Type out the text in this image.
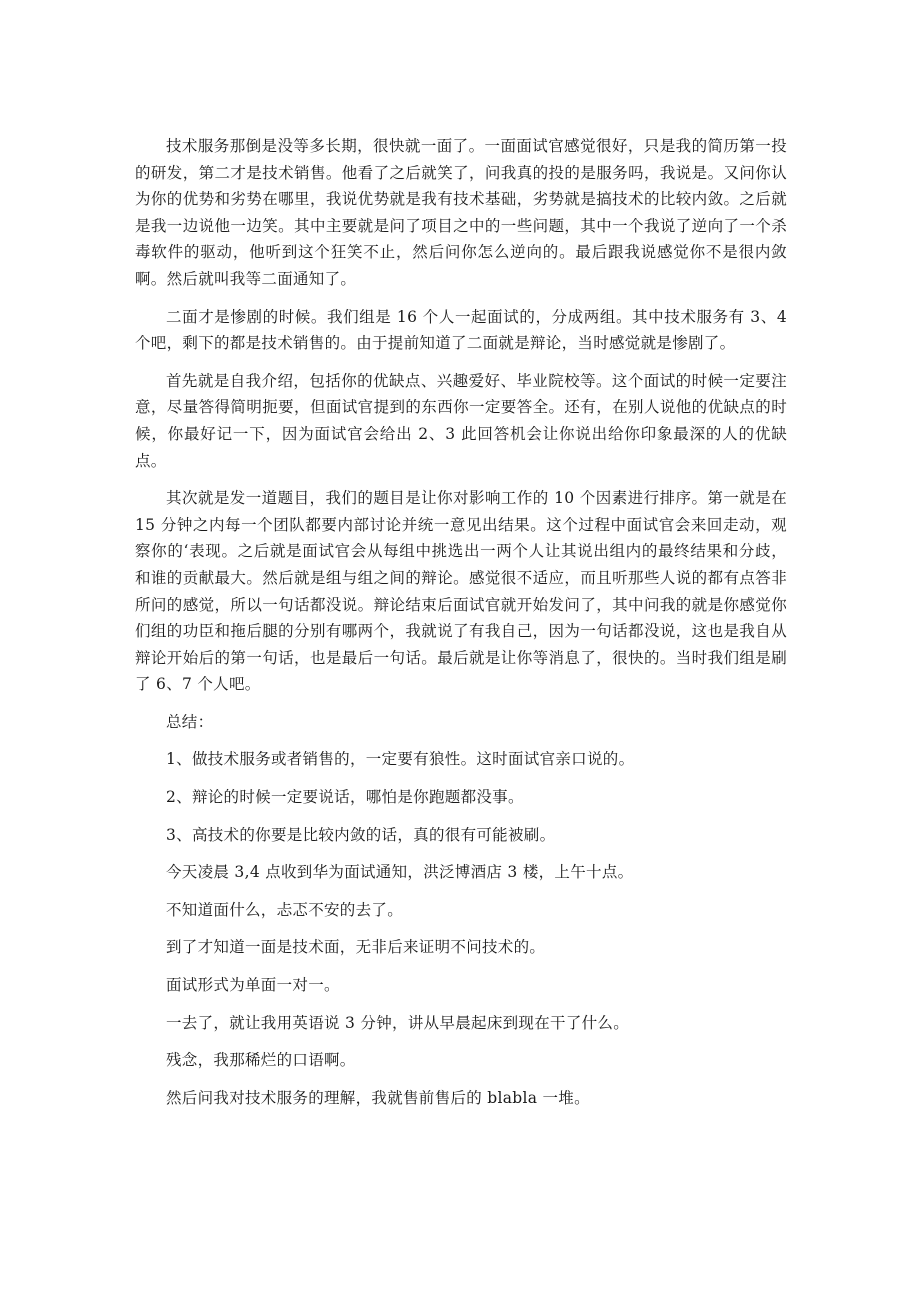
技术服务那倒是没等多长期，很快就一面了。一面面试官感觉很好，只是我的简历第一投的研发，第二才是技术销售。他看了之后就笑了，问我真的投的是服务吗，我说是。又问你认为你的优势和劣势在哪里，我说优势就是我有技术基础，劣势就是搞技术的比较内敛。之后就是我一边说他一边笑。其中主要就是问了项目之中的一些问题，其中一个我说了逆向了一个杀毒软件的驱动，他听到这个狂笑不止，然后问你怎么逆向的。最后跟我说感觉你不是很内敛啊。然后就叫我等二面通知了。

二面才是惨剧的时候。我们组是 16 个人一起面试的，分成两组。其中技术服务有 3、4 个吧，剩下的都是技术销售的。由于提前知道了二面就是辩论，当时感觉就是惨剧了。

首先就是自我介绍，包括你的优缺点、兴趣爱好、毕业院校等。这个面试的时候一定要注意，尽量答得简明扼要，但面试官提到的东西你一定要答全。还有，在别人说他的优缺点的时候，你最好记一下，因为面试官会给出 2、3 此回答机会让你说出给你印象最深的人的优缺点。

其次就是发一道题目，我们的题目是让你对影响工作的 10 个因素进行排序。第一就是在 15 分钟之内每一个团队都要内部讨论并统一意见出结果。这个过程中面试官会来回走动，观察你的‘表现。之后就是面试官会从每组中挑选出一两个人让其说出组内的最终结果和分歧，和谁的贡献最大。然后就是组与组之间的辩论。感觉很不适应，而且听那些人说的都有点答非所问的感觉，所以一句话都没说。辩论结束后面试官就开始发问了，其中问我的就是你感觉你们组的功臣和拖后腿的分别有哪两个，我就说了有我自己，因为一句话都没说，这也是我自从辩论开始后的第一句话，也是最后一句话。最后就是让你等消息了，很快的。当时我们组是刷了 6、7 个人吧。

总结：

1、做技术服务或者销售的，一定要有狼性。这时面试官亲口说的。

2、辩论的时候一定要说话，哪怕是你跑题都没事。

3、高技术的你要是比较内敛的话，真的很有可能被刷。

今天凌晨 3,4 点收到华为面试通知，洪泛博酒店 3 楼，上午十点。

不知道面什么，忐忑不安的去了。

到了才知道一面是技术面，无非后来证明不问技术的。

面试形式为单面一对一。

一去了，就让我用英语说 3 分钟，讲从早晨起床到现在干了什么。

残念，我那稀烂的口语啊。

然后问我对技术服务的理解，我就售前售后的 blabla 一堆。
